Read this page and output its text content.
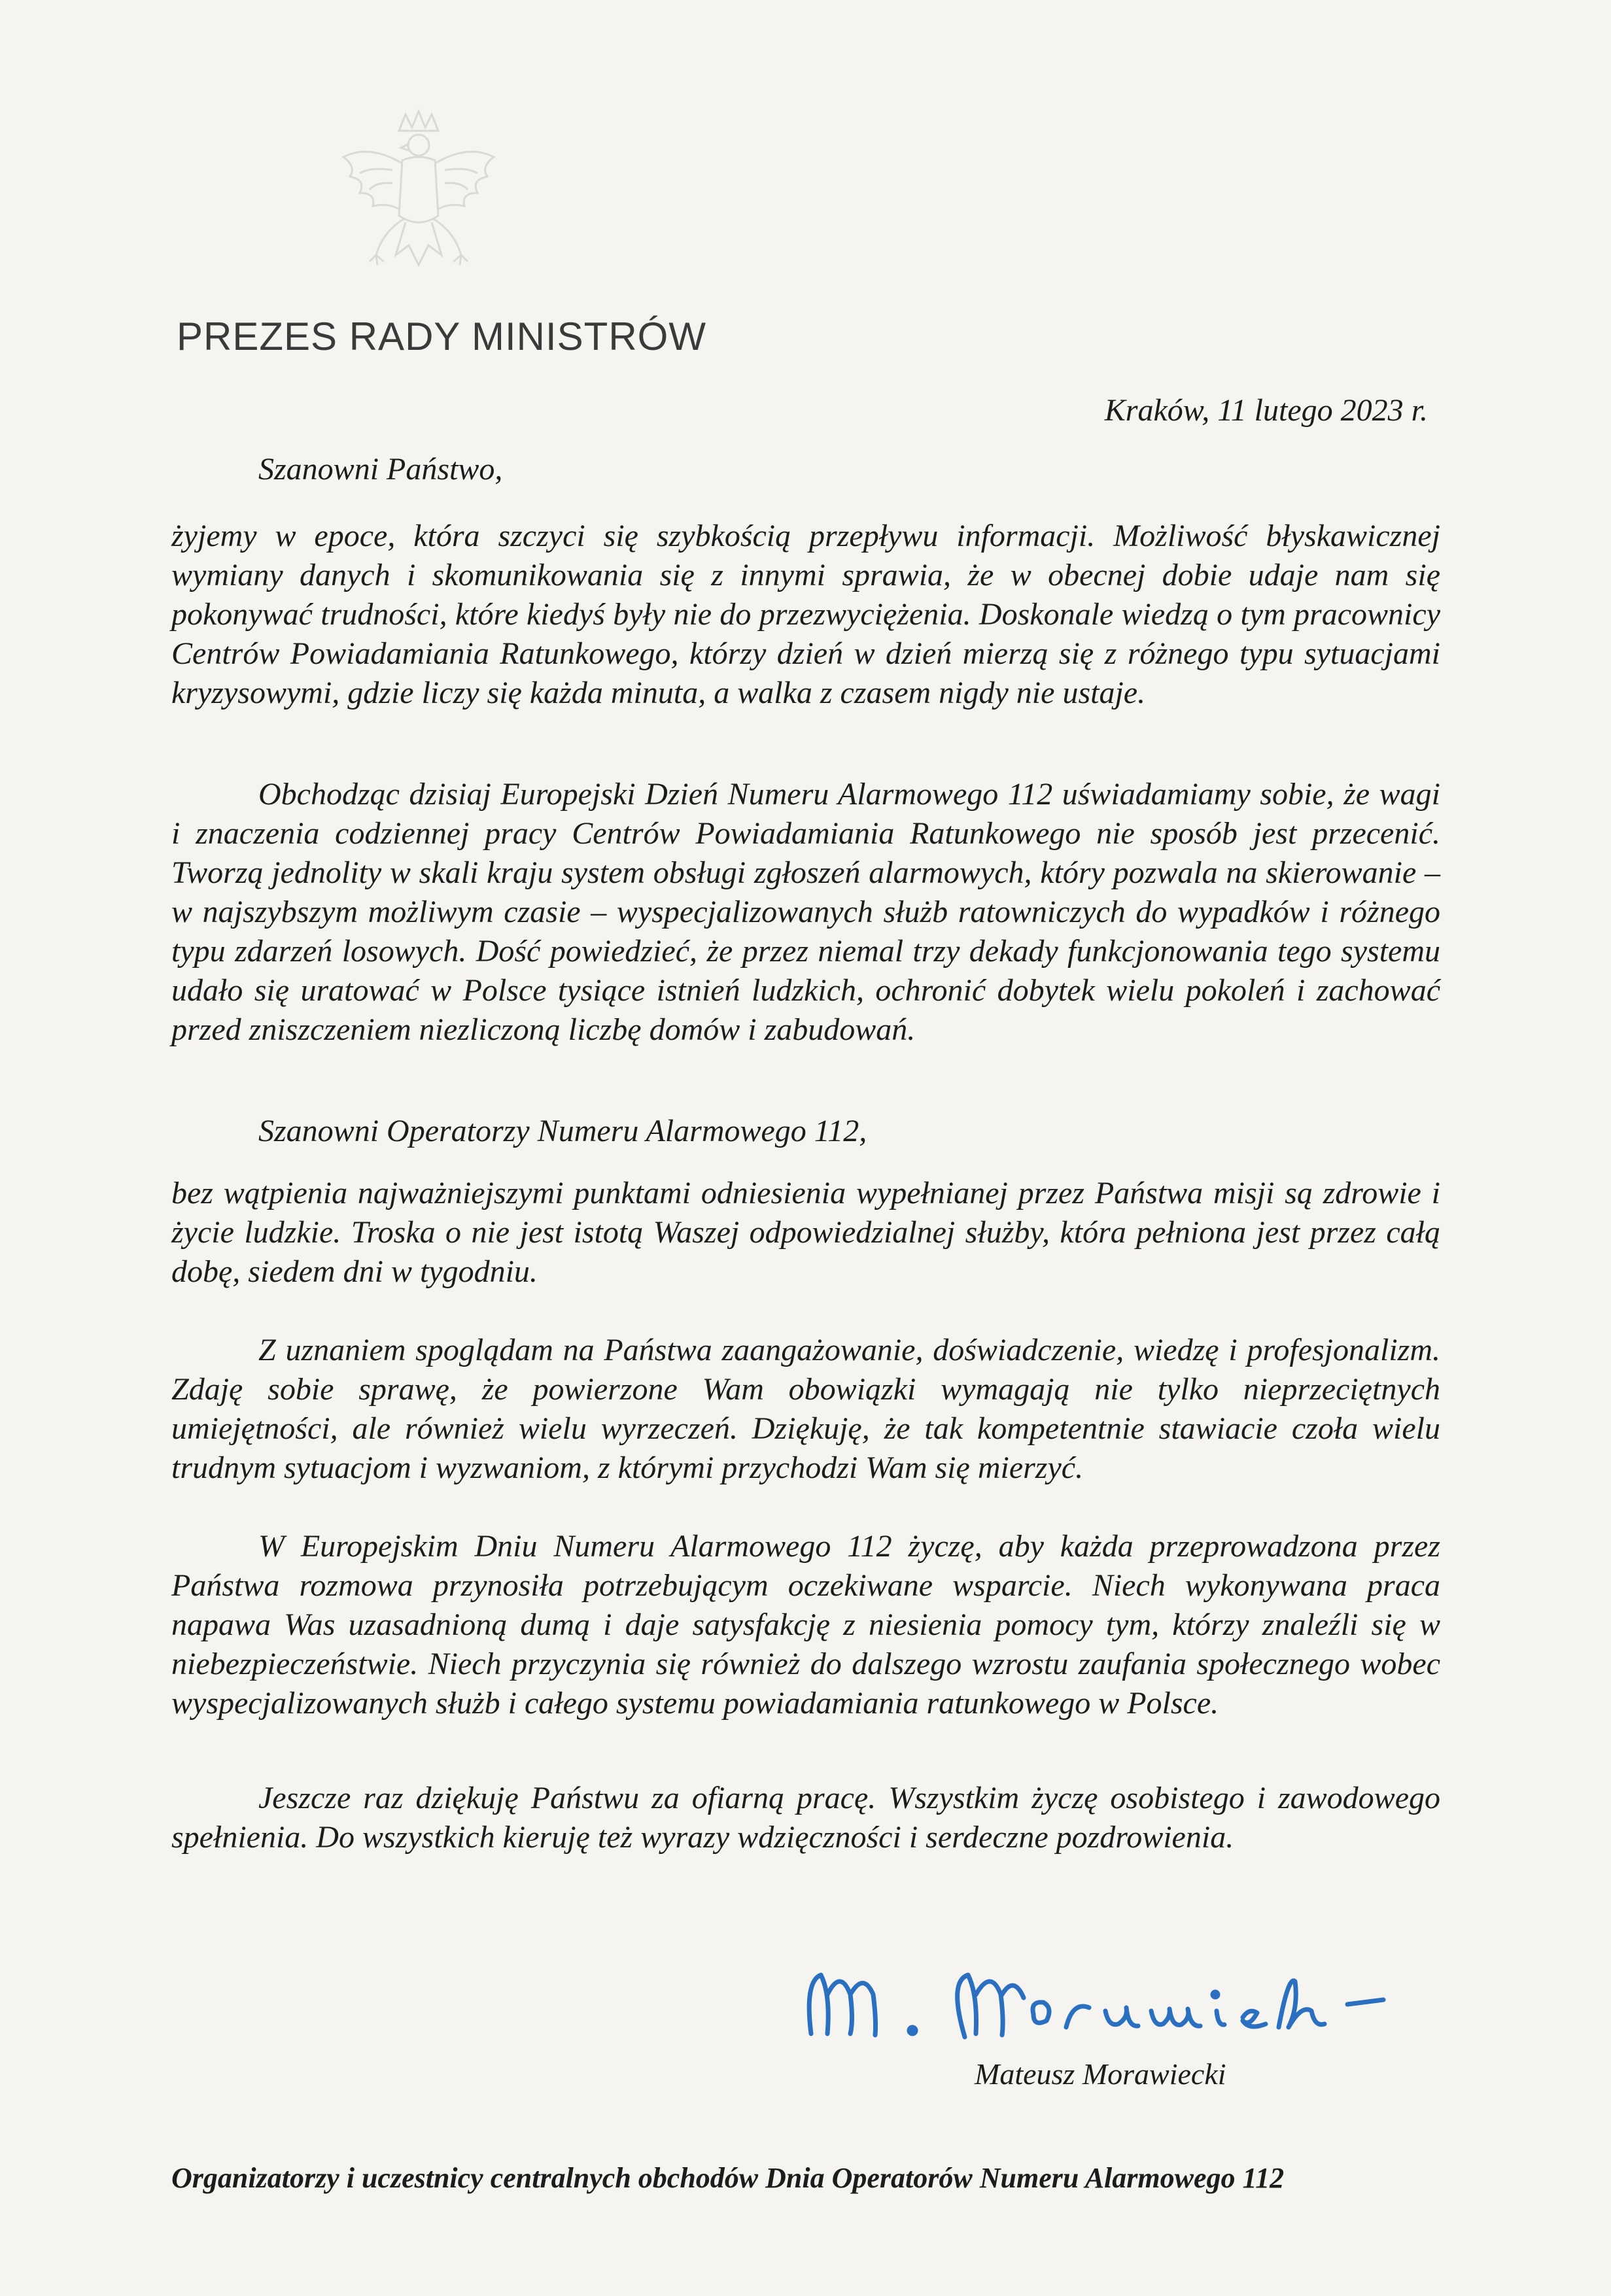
PREZES RADY MINISTRÓW
Kraków, 11 lutego 2023 r.
Szanowni Państwo,
żyjemy w epoce, która szczyci się szybkością przepływu informacji. Możliwość błyskawicznej wymiany danych i skomunikowania się z innymi sprawia, że w obecnej dobie udaje nam się pokonywać trudności, które kiedyś były nie do przezwyciężenia. Doskonale wiedzą o tym pracownicy Centrów Powiadamiania Ratunkowego, którzy dzień w dzień mierzą się z różnego typu sytuacjami kryzysowymi, gdzie liczy się każda minuta, a walka z czasem nigdy nie ustaje.
Obchodząc dzisiaj Europejski Dzień Numeru Alarmowego 112 uświadamiamy sobie, że wagi i znaczenia codziennej pracy Centrów Powiadamiania Ratunkowego nie sposób jest przecenić. Tworzą jednolity w skali kraju system obsługi zgłoszeń alarmowych, który pozwala na skierowanie – w najszybszym możliwym czasie – wyspecjalizowanych służb ratowniczych do wypadków i różnego typu zdarzeń losowych. Dość powiedzieć, że przez niemal trzy dekady funkcjonowania tego systemu udało się uratować w Polsce tysiące istnień ludzkich, ochronić dobytek wielu pokoleń i zachować przed zniszczeniem niezliczoną liczbę domów i zabudowań.
Szanowni Operatorzy Numeru Alarmowego 112,
bez wątpienia najważniejszymi punktami odniesienia wypełnianej przez Państwa misji są zdrowie i życie ludzkie. Troska o nie jest istotą Waszej odpowiedzialnej służby, która pełniona jest przez całą dobę, siedem dni w tygodniu.
Z uznaniem spoglądam na Państwa zaangażowanie, doświadczenie, wiedzę i profesjonalizm. Zdaję sobie sprawę, że powierzone Wam obowiązki wymagają nie tylko nieprzeciętnych umiejętności, ale również wielu wyrzeczeń. Dziękuję, że tak kompetentnie stawiacie czoła wielu trudnym sytuacjom i wyzwaniom, z którymi przychodzi Wam się mierzyć.
W Europejskim Dniu Numeru Alarmowego 112 życzę, aby każda przeprowadzona przez Państwa rozmowa przynosiła potrzebującym oczekiwane wsparcie. Niech wykonywana praca napawa Was uzasadnioną dumą i daje satysfakcję z niesienia pomocy tym, którzy znaleźli się w niebezpieczeństwie. Niech przyczynia się również do dalszego wzrostu zaufania społecznego wobec wyspecjalizowanych służb i całego systemu powiadamiania ratunkowego w Polsce.
Jeszcze raz dziękuję Państwu za ofiarną pracę. Wszystkim życzę osobistego i zawodowego spełnienia. Do wszystkich kieruję też wyrazy wdzięczności i serdeczne pozdrowienia.
Mateusz Morawiecki
Organizatorzy i uczestnicy centralnych obchodów Dnia Operatorów Numeru Alarmowego 112
